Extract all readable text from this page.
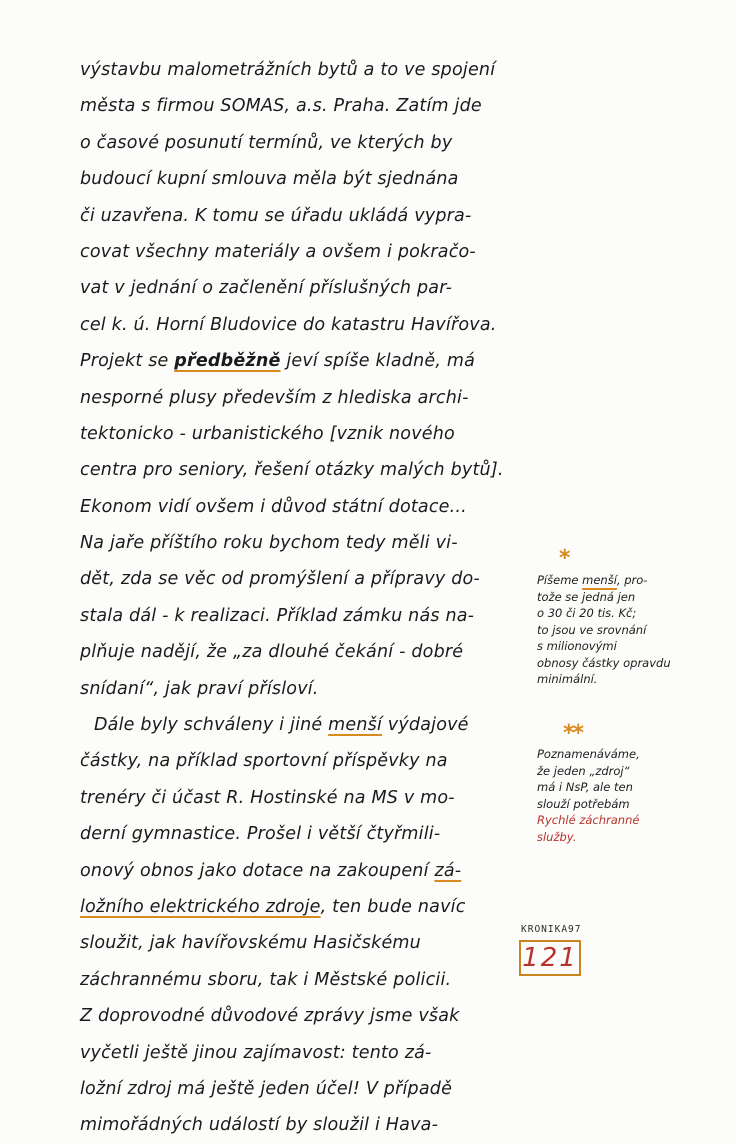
výstavbu malometrážních bytů a to ve spojení
města s firmou SOMAS, a.s. Praha. Zatím jde
o časové posunutí termínů, ve kterých by
budoucí kupní smlouva měla být sjednána
či uzavřena. K tomu se úřadu ukládá vypra-
covat všechny materiály a ovšem i pokračo-
vat v jednání o začlenění příslušných par-
cel k. ú. Horní Bludovice do katastru Havířova.
Projekt se předběžně jeví spíše kladně, má
nesporné plusy především z hlediska archi-
tektonicko - urbanistického [vznik nového
centra pro seniory, řešení otázky malých bytů].
Ekonom vidí ovšem i důvod státní dotace...
Na jaře příštího roku bychom tedy měli vi-
dět, zda se věc od promýšlení a přípravy do-
stala dál - k realizaci. Příklad zámku nás na-
plňuje nadějí, že „za dlouhé čekání - dobré
snídaní“, jak praví přísloví.
Dále byly schváleny i jiné menší výdajové
částky, na příklad sportovní příspěvky na
trenéry či účast R. Hostinské na MS v mo-
derní gymnastice. Prošel i větší čtyřmili-
onový obnos jako dotace na zakoupení zá-
ložního elektrického zdroje, ten bude navíc
sloužit, jak havířovskému Hasičskému
záchrannému sboru, tak i Městské policii.
Z doprovodné důvodové zprávy jsme však
vyčetli ještě jinou zajímavost: tento zá-
ložní zdroj má ještě jeden účel! V případě
mimořádných událostí by sloužil i Hava-
*
Píšeme menší, pro-
tože se jedná jen
o 30 či 20 tis. Kč;
to jsou ve srovnání
s milionovými
obnosy částky opravdu
minimální.
**
Poznamenáváme,
že jeden „zdroj“
má i NsP, ale ten
slouží potřebám
Rychlé záchranné
služby.
KRONIKA97
121
